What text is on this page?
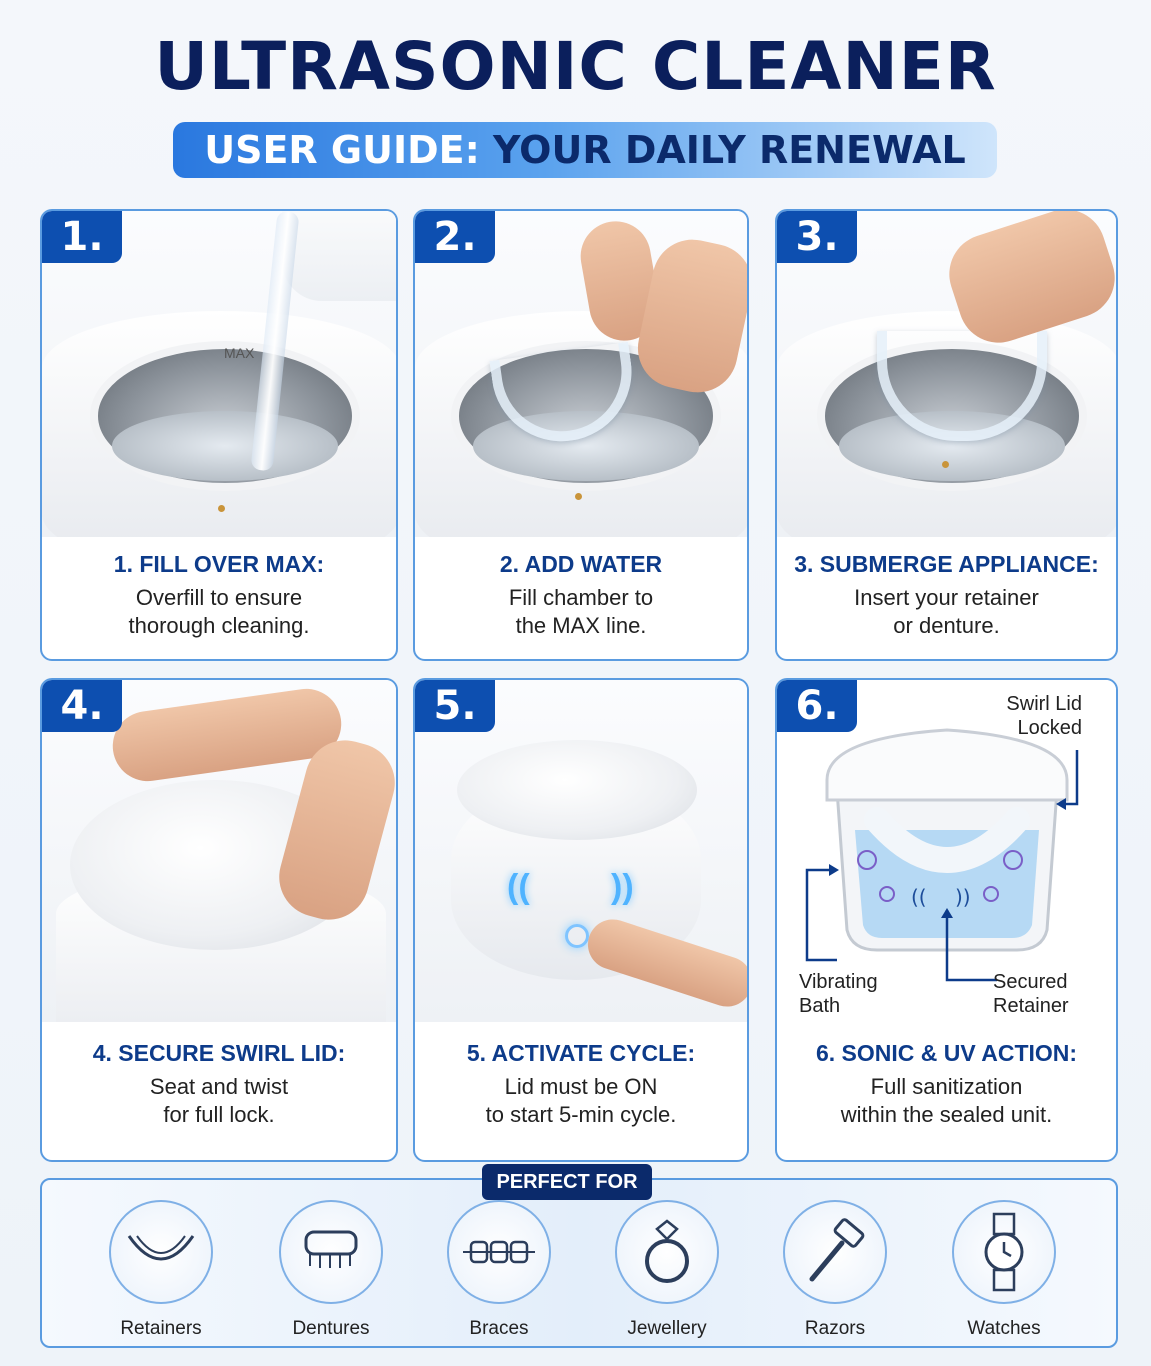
ULTRASONIC CLEANER
USER GUIDE:
YOUR DAILY RENEWAL
1.
MAX
1. FILL OVER MAX:
Overfill to ensure
thorough cleaning.
2.
2. ADD WATER
Fill chamber to
the MAX line.
3.
3. SUBMERGE APPLIANCE:
Insert your retainer
or denture.
4.
4. SECURE SWIRL LID:
Seat and twist
for full lock.
5.
(( ))
5. ACTIVATE CYCLE:
Lid must be ON
to start 5-min cycle.
6.
(( ))
Swirl Lid
Locked
Vibrating
Bath
Secured
Retainer
6. SONIC & UV ACTION:
Full sanitization
within the sealed unit.
PERFECT FOR
Retainers	Dentures	Braces	Jewellery	Razors	Watches
